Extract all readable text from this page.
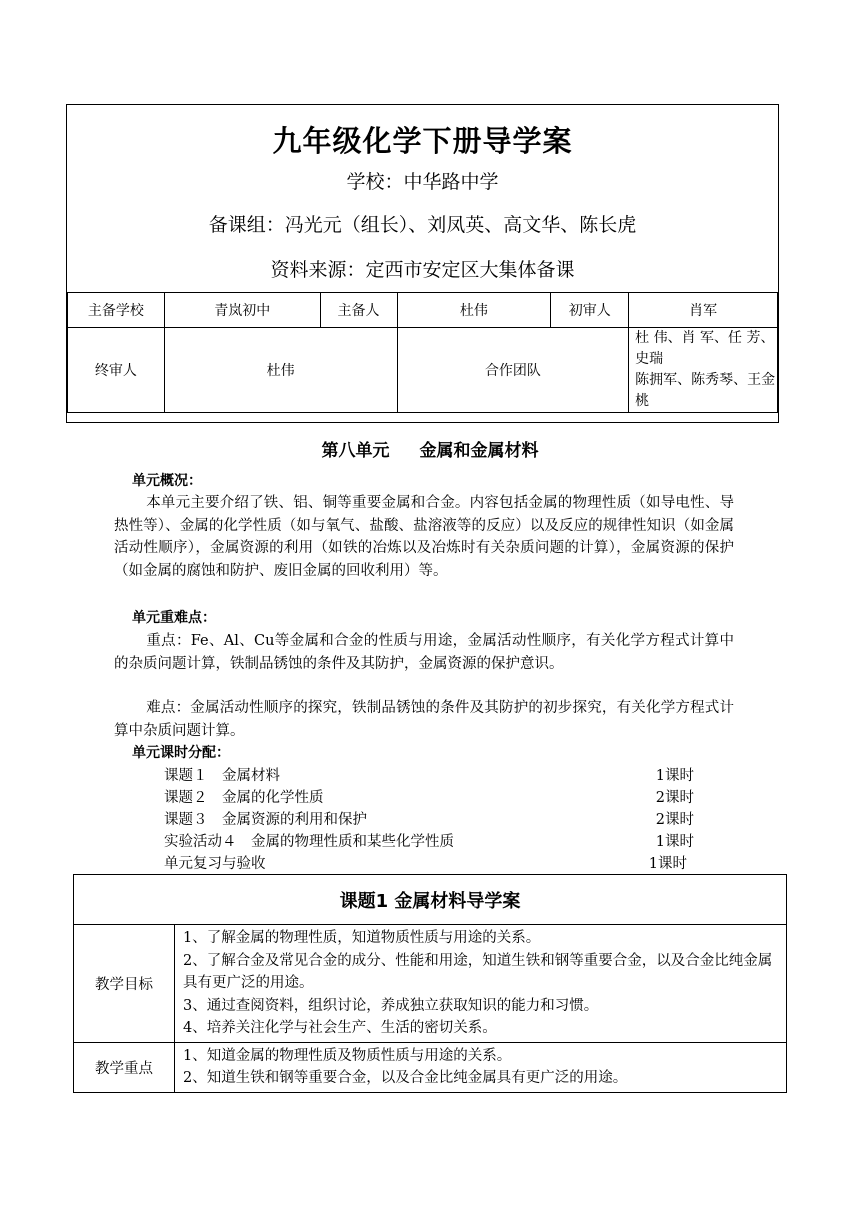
九年级化学下册导学案
学校：中华路中学
备课组：冯光元（组长）、刘凤英、高文华、陈长虎
资料来源：定西市安定区大集体备课
主备学校	青岚初中	主备人	杜伟	初审人	肖军
终审人	杜伟		合作团队		杜 伟、肖 军、任 芳、史瑞
陈拥军、陈秀琴、王金桃
第八单元 金属和金属材料
单元概况：
本单元主要介绍了铁、铝、铜等重要金属和合金。内容包括金属的物理性质（如导电性、导热性等）、金属的化学性质（如与氧气、盐酸、盐溶液等的反应）以及反应的规律性知识（如金属活动性顺序），金属资源的利用（如铁的冶炼以及冶炼时有关杂质问题的计算），金属资源的保护（如金属的腐蚀和防护、废旧金属的回收利用）等。
单元重难点：
重点：Fe、Al、Cu等金属和合金的性质与用途，金属活动性顺序，有关化学方程式计算中的杂质问题计算，铁制品锈蚀的条件及其防护，金属资源的保护意识。
难点：金属活动性顺序的探究，铁制品锈蚀的条件及其防护的初步探究，有关化学方程式计算中杂质问题计算。
单元课时分配：
课题１　金属材料	1课时
课题２　金属的化学性质	2课时
课题３　金属资源的利用和保护	2课时
实验活动４　金属的物理性质和某些化学性质	1课时
单元复习与验收	1课时
课题1 金属材料导学案	
教学目标	1、了解金属的物理性质，知道物质性质与用途的关系。
2、了解合金及常见合金的成分、性能和用途，知道生铁和钢等重要合金，以及合金比纯金属具有更广泛的用途。
3、通过查阅资料，组织讨论，养成独立获取知识的能力和习惯。
4、培养关注化学与社会生产、生活的密切关系。

教学重点	1、知道金属的物理性质及物质性质与用途的关系。
2、知道生铁和钢等重要合金，以及合金比纯金属具有更广泛的用途。
